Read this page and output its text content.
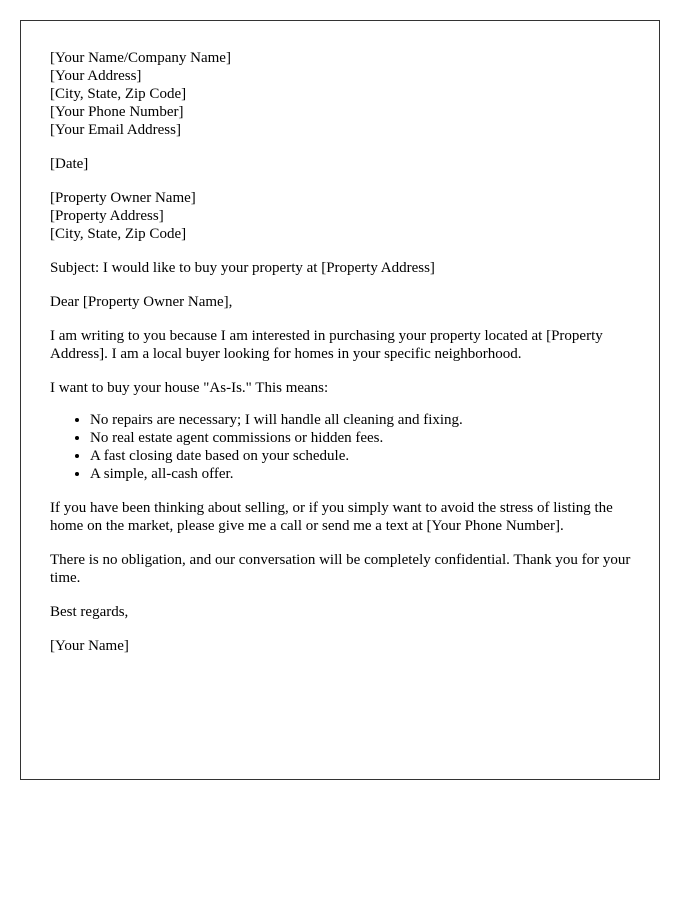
[Your Name/Company Name]

[Your Address]

[City, State, Zip Code]

[Your Phone Number]

[Your Email Address]

[Date]

[Property Owner Name]

[Property Address]

[City, State, Zip Code]

Subject: I would like to buy your property at [Property Address]

Dear [Property Owner Name],

I am writing to you because I am interested in purchasing your property located at [Property Address]. I am a local buyer looking for homes in your specific neighborhood.

I want to buy your house "As-Is." This means:

• No repairs are necessary; I will handle all cleaning and fixing.
• No real estate agent commissions or hidden fees.
• A fast closing date based on your schedule.
• A simple, all-cash offer.

If you have been thinking about selling, or if you simply want to avoid the stress of listing the home on the market, please give me a call or send me a text at [Your Phone Number].

There is no obligation, and our conversation will be completely confidential. Thank you for your time.

Best regards,

[Your Name]
